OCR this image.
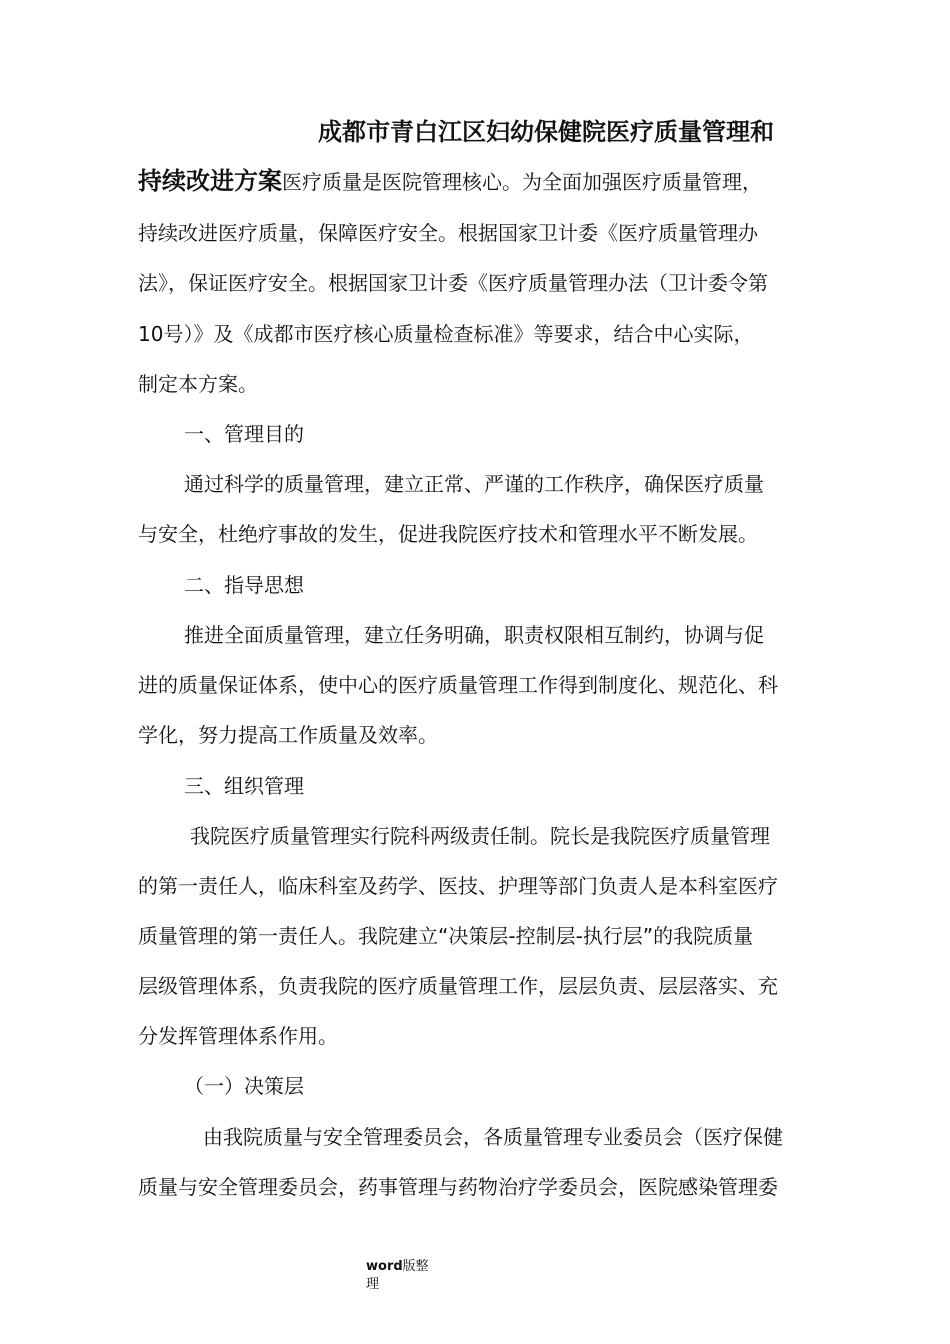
成都市青白江区妇幼保健院医疗质量管理和
持续改进方案医疗质量是医院管理核心。为全面加强医疗质量管理，
持续改进医疗质量，保障医疗安全。根据国家卫计委《医疗质量管理办
法》，保证医疗安全。根据国家卫计委《医疗质量管理办法（卫计委令第
10号）》及《成都市医疗核心质量检查标准》等要求，结合中心实际，
制定本方案。
一、管理目的
通过科学的质量管理，建立正常、严谨的工作秩序，确保医疗质量
与安全，杜绝疗事故的发生，促进我院医疗技术和管理水平不断发展。
二、指导思想
推进全面质量管理，建立任务明确，职责权限相互制约，协调与促
进的质量保证体系，使中心的医疗质量管理工作得到制度化、规范化、科
学化，努力提高工作质量及效率。
三、组织管理
我院医疗质量管理实行院科两级责任制。院长是我院医疗质量管理
的第一责任人，临床科室及药学、医技、护理等部门负责人是本科室医疗
质量管理的第一责任人。我院建立“决策层-控制层-执行层”的我院质量
层级管理体系，负责我院的医疗质量管理工作，层层负责、层层落实、充
分发挥管理体系作用。
（一）决策层
由我院质量与安全管理委员会，各质量管理专业委员会（医疗保健
质量与安全管理委员会，药事管理与药物治疗学委员会，医院感染管理委
word版整
理
